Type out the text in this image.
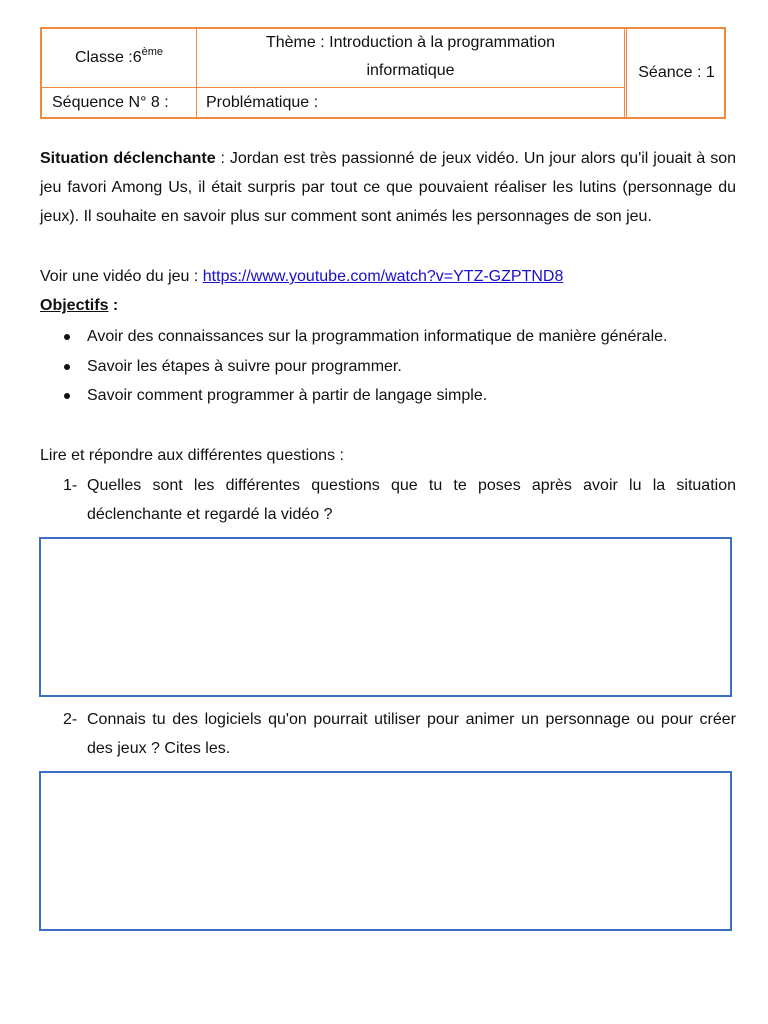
Classe :6ème
Thème : Introduction à la programmation
informatique	Séance : 1
Séquence N° 8 : Problématique :

Situation déclenchante : Jordan est très passionné de jeux vidéo. Un jour alors qu'il jouait à son jeu favori Among Us, il était surpris par tout ce que pouvaient réaliser les lutins (personnage du jeux). Il souhaite en savoir plus sur comment sont animés les personnages de son jeu.

Voir une vidéo du jeu : https://www.youtube.com/watch?v=YTZ-GZPTND8

Objectifs :

Avoir des connaissances sur la programmation informatique de manière générale.
Savoir les étapes à suivre pour programmer.
Savoir comment programmer à partir de langage simple.

Lire et répondre aux différentes questions :

1- Quelles sont les différentes questions que tu te poses après avoir lu la situation déclenchante et regardé la vidéo ?
2- Connais tu des logiciels qu'on pourrait utiliser pour animer un personnage ou pour créer des jeux ? Cites les.
